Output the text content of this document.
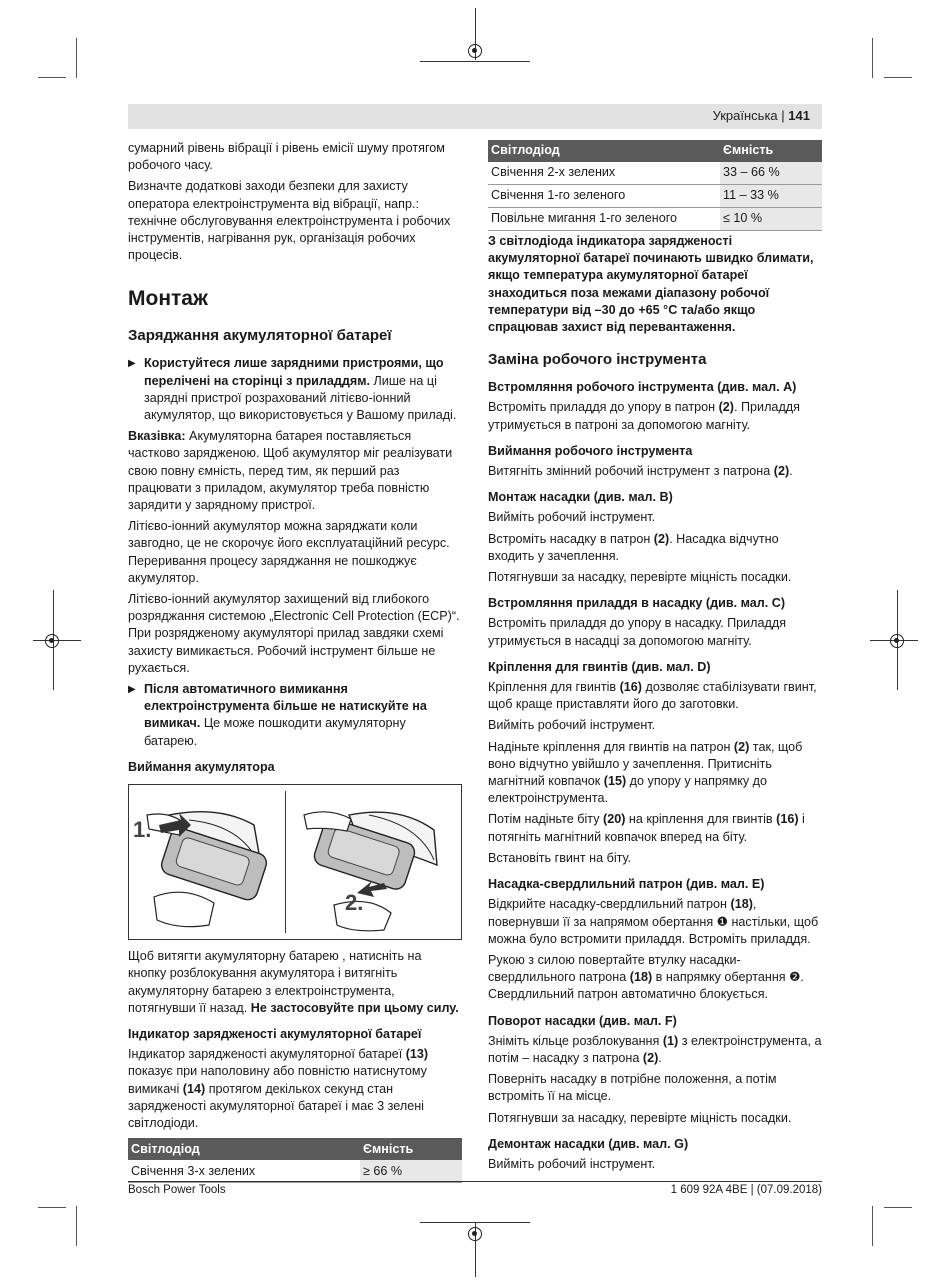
Українська | 141

сумарний рівень вібрації і рівень емісії шуму протягом робочого часу.

Визначте додаткові заходи безпеки для захисту оператора електроінструмента від вібрації, напр.: технічне обслуговування електроінструмента і робочих інструментів, нагрівання рук, організація робочих процесів.

Монтаж
Заряджання акумуляторної батареї

▶ Користуйтеся лише зарядними пристроями, що перелічені на сторінці з приладдям. Лише на ці зарядні пристрої розрахований літієво-іонний акумулятор, що використовується у Вашому приладі.

Вказівка: Акумуляторна батарея поставляється частково зарядженою. Щоб акумулятор міг реалізувати свою повну ємність, перед тим, як перший раз працювати з приладом, акумулятор треба повністю зарядити у зарядному пристрої.

Літієво-іонний акумулятор можна заряджати коли завгодно, це не скорочує його експлуатаційний ресурс. Переривання процесу заряджання не пошкоджує акумулятор.

Літієво-іонний акумулятор захищений від глибокого розряджання системою „Electronic Cell Protection (ECP)“. При розрядженому акумуляторі прилад завдяки схемі захисту вимикається. Робочий інструмент більше не рухається.

▶ Після автоматичного вимикання електроінструмента більше не натискуйте на вимикач. Це може пошкодити акумуляторну батарею.

Виймання акумулятора
1.
2.

Щоб витягти акумуляторну батарею , натисніть на кнопку розблокування акумулятора і витягніть акумуляторну батарею з електроінструмента, потягнувши її назад. Не застосовуйте при цьому силу.

Індикатор зарядженості акумуляторної батареї

Індикатор зарядженості акумуляторної батареї (13) показує при наполовину або повністю натиснутому вимикачі (14) протягом декількох секунд стан зарядженості акумуляторної батареї і має 3 зелені світлодіоди.

Світлодіод	Ємність
Свічення 3-х зелених	≥ 66 %
Світлодіод	Ємність
Свічення 2-х зелених	33 – 66 %
Свічення 1-го зеленого	11 – 33 %
Повільне мигання 1-го зеленого	≤ 10 %

З світлодіода індикатора зарядженості акумуляторної батареї починають швидко блимати, якщо температура акумуляторної батареї знаходиться поза межами діапазону робочої температури від –30 до +65 °C та/або якщо спрацював захист від перевантаження.

Заміна робочого інструмента
Встромляння робочого інструмента (див. мал. A)

Встроміть приладдя до упору в патрон (2). Приладдя утримується в патроні за допомогою магніту.

Виймання робочого інструмента

Витягніть змінний робочий інструмент з патрона (2).

Монтаж насадки (див. мал. B)

Вийміть робочий інструмент.

Встроміть насадку в патрон (2). Насадка відчутно входить у зачеплення.

Потягнувши за насадку, перевірте міцність посадки.

Встромляння приладдя в насадку (див. мал. C)

Встроміть приладдя до упору в насадку. Приладдя утримується в насадці за допомогою магніту.

Кріплення для гвинтів (див. мал. D)

Кріплення для гвинтів (16) дозволяє стабілізувати гвинт, щоб краще приставляти його до заготовки.

Вийміть робочий інструмент.

Надіньте кріплення для гвинтів на патрон (2) так, щоб воно відчутно увійшло у зачеплення. Притисніть магнітний ковпачок (15) до упору у напрямку до електроінструмента.

Потім надіньте біту (20) на кріплення для гвинтів (16) і потягніть магнітний ковпачок вперед на біту.

Встановіть гвинт на біту.

Насадка-свердлильний патрон (див. мал. E)

Відкрийте насадку-свердлильний патрон (18), повернувши її за напрямом обертання ❶ настільки, щоб можна було встромити приладдя. Встроміть приладдя.

Рукою з силою повертайте втулку насадки-свердлильного патрона (18) в напрямку обертання ❷. Свердлильний патрон автоматично блокується.

Поворот насадки (див. мал. F)

Зніміть кільце розблокування (1) з електроінструмента, а потім – насадку з патрона (2).

Поверніть насадку в потрібне положення, а потім встроміть її на місце.

Потягнувши за насадку, перевірте міцність посадки.

Демонтаж насадки (див. мал. G)

Вийміть робочий інструмент.

Bosch Power Tools	1 609 92A 4BE | (07.09.2018)
